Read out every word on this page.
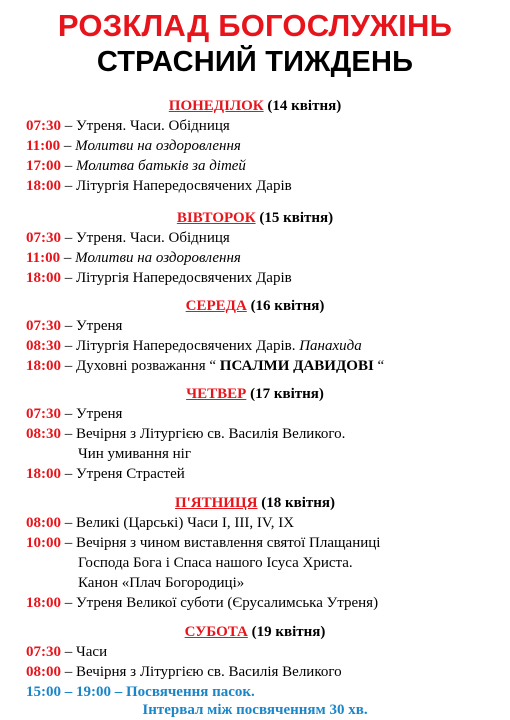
РОЗКЛАД БОГОСЛУЖІНЬ
СТРАСНИЙ ТИЖДЕНЬ
ПОНЕДІЛОК (14 квітня)
07:30 – Утреня. Часи. Обідниця
11:00 – Молитви на оздоровлення
17:00 – Молитва батьків за дітей
18:00 – Літургія Напередосвячених Дарів
ВІВТОРОК (15 квітня)
07:30 – Утреня. Часи. Обідниця
11:00 – Молитви на оздоровлення
18:00 – Літургія Напередосвячених Дарів
СЕРЕДА (16 квітня)
07:30 – Утреня
08:30 – Літургія Напередосвячених Дарів. Панахида
18:00 – Духовні розважання “ ПСАЛМИ ДАВИДОВІ “
ЧЕТВЕР (17 квітня)
07:30 – Утреня
08:30 – Вечірня з Літургією св. Василія Великого.
Чин умивання ніг
18:00 – Утреня Страстей
П'ЯТНИЦЯ (18 квітня)
08:00 – Великі (Царські) Часи І, ІІІ, IV, IX
10:00 – Вечірня з чином виставлення святої Плащаниці
Господа Бога і Спаса нашого Ісуса Христа.
Канон «Плач Богородиці»
18:00 – Утреня Великої суботи (Єрусалимська Утреня)
СУБОТА (19 квітня)
07:30 – Часи
08:00 – Вечірня з Літургією св. Василія Великого
15:00 – 19:00 – Посвячення пасок.
Інтервал між посвяченням 30 хв.
